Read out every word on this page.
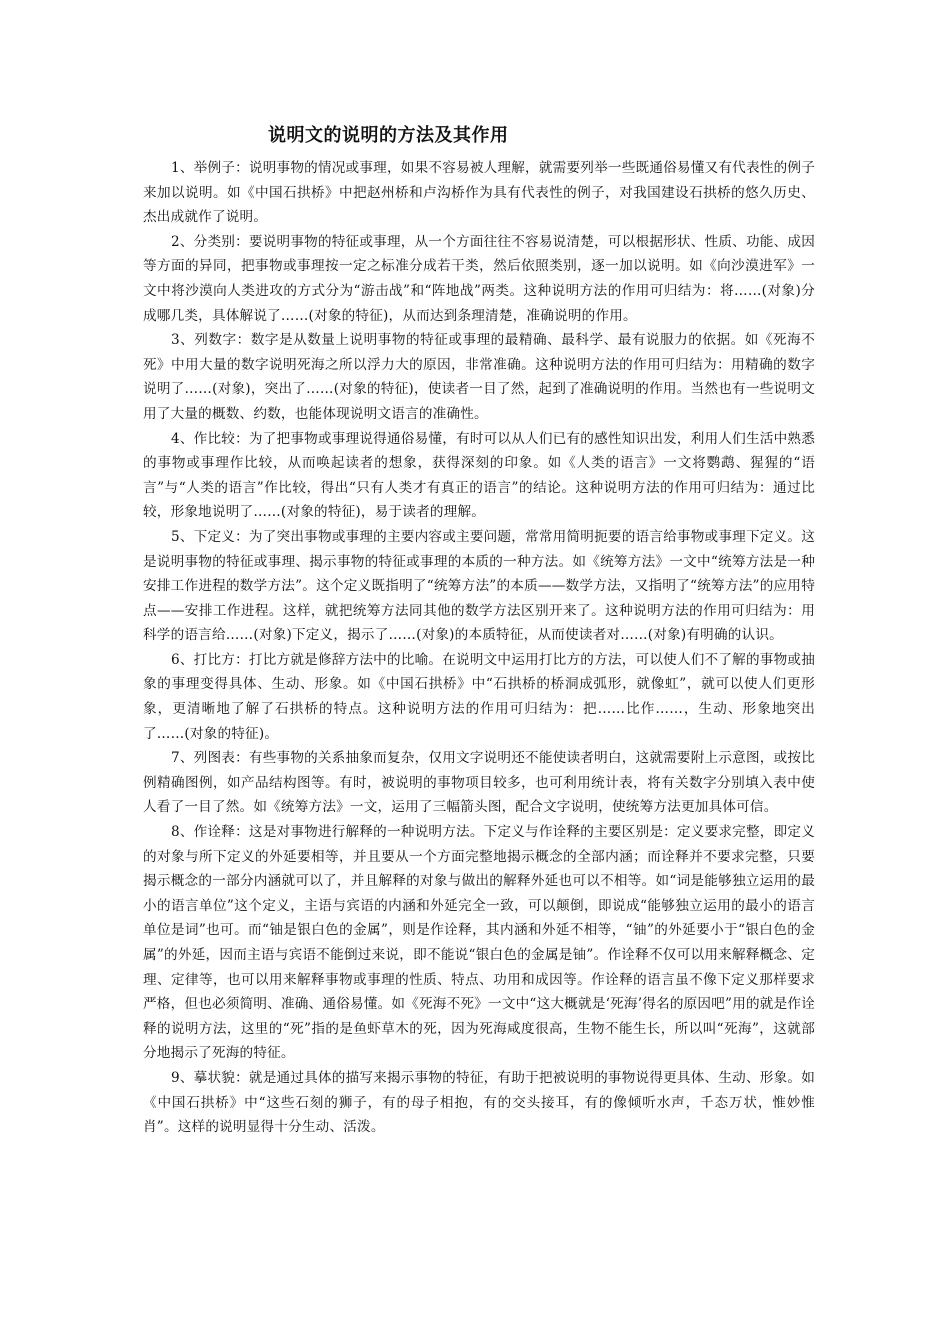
说明文的说明的方法及其作用

1、举例子：说明事物的情况或事理，如果不容易被人理解，就需要列举一些既通俗易懂又有代表性的例子来加以说明。如《中国石拱桥》中把赵州桥和卢沟桥作为具有代表性的例子，对我国建设石拱桥的悠久历史、杰出成就作了说明。

2、分类别：要说明事物的特征或事理，从一个方面往往不容易说清楚，可以根据形状、性质、功能、成因等方面的异同，把事物或事理按一定之标准分成若干类，然后依照类别，逐一加以说明。如《向沙漠进军》一文中将沙漠向人类进攻的方式分为“游击战”和“阵地战”两类。这种说明方法的作用可归结为：将……(对象)分成哪几类，具体解说了……(对象的特征)，从而达到条理清楚，准确说明的作用。

3、列数字：数字是从数量上说明事物的特征或事理的最精确、最科学、最有说服力的依据。如《死海不死》中用大量的数字说明死海之所以浮力大的原因，非常准确。这种说明方法的作用可归结为：用精确的数字说明了……(对象)，突出了……(对象的特征)，使读者一目了然，起到了准确说明的作用。当然也有一些说明文用了大量的概数、约数，也能体现说明文语言的准确性。

4、作比较：为了把事物或事理说得通俗易懂，有时可以从人们已有的感性知识出发，利用人们生活中熟悉的事物或事理作比较，从而唤起读者的想象，获得深刻的印象。如《人类的语言》一文将鹦鹉、猩猩的“语言”与“人类的语言”作比较，得出“只有人类才有真正的语言”的结论。这种说明方法的作用可归结为：通过比较，形象地说明了……(对象的特征)，易于读者的理解。

5、下定义：为了突出事物或事理的主要内容或主要问题，常常用简明扼要的语言给事物或事理下定义。这是说明事物的特征或事理、揭示事物的特征或事理的本质的一种方法。如《统筹方法》一文中“统筹方法是一种安排工作进程的数学方法”。这个定义既指明了“统筹方法”的本质——数学方法，又指明了“统筹方法”的应用特点——安排工作进程。这样，就把统筹方法同其他的数学方法区别开来了。这种说明方法的作用可归结为：用科学的语言给……(对象)下定义，揭示了……(对象)的本质特征，从而使读者对……(对象)有明确的认识。

6、打比方：打比方就是修辞方法中的比喻。在说明文中运用打比方的方法，可以使人们不了解的事物或抽象的事理变得具体、生动、形象。如《中国石拱桥》中“石拱桥的桥洞成弧形，就像虹”，就可以使人们更形象，更清晰地了解了石拱桥的特点。这种说明方法的作用可归结为：把……比作……，生动、形象地突出了……(对象的特征)。

7、列图表：有些事物的关系抽象而复杂，仅用文字说明还不能使读者明白，这就需要附上示意图，或按比例精确图例，如产品结构图等。有时，被说明的事物项目较多，也可利用统计表，将有关数字分别填入表中使人看了一目了然。如《统筹方法》一文，运用了三幅箭头图，配合文字说明，使统筹方法更加具体可信。

8、作诠释：这是对事物进行解释的一种说明方法。下定义与作诠释的主要区别是：定义要求完整，即定义的对象与所下定义的外延要相等，并且要从一个方面完整地揭示概念的全部内涵；而诠释并不要求完整，只要揭示概念的一部分内涵就可以了，并且解释的对象与做出的解释外延也可以不相等。如“词是能够独立运用的最小的语言单位”这个定义，主语与宾语的内涵和外延完全一致，可以颠倒，即说成“能够独立运用的最小的语言单位是词”也可。而“铀是银白色的金属”，则是作诠释，其内涵和外延不相等，“铀”的外延要小于“银白色的金属”的外延，因而主语与宾语不能倒过来说，即不能说“银白色的金属是铀”。作诠释不仅可以用来解释概念、定理、定律等，也可以用来解释事物或事理的性质、特点、功用和成因等。作诠释的语言虽不像下定义那样要求严格，但也必须简明、准确、通俗易懂。如《死海不死》一文中“这大概就是‘死海’得名的原因吧”用的就是作诠释的说明方法，这里的“死”指的是鱼虾草木的死，因为死海咸度很高，生物不能生长，所以叫“死海”，这就部分地揭示了死海的特征。

9、摹状貌：就是通过具体的描写来揭示事物的特征，有助于把被说明的事物说得更具体、生动、形象。如《中国石拱桥》中“这些石刻的狮子，有的母子相抱，有的交头接耳，有的像倾听水声，千态万状，惟妙惟肖”。这样的说明显得十分生动、活泼。
